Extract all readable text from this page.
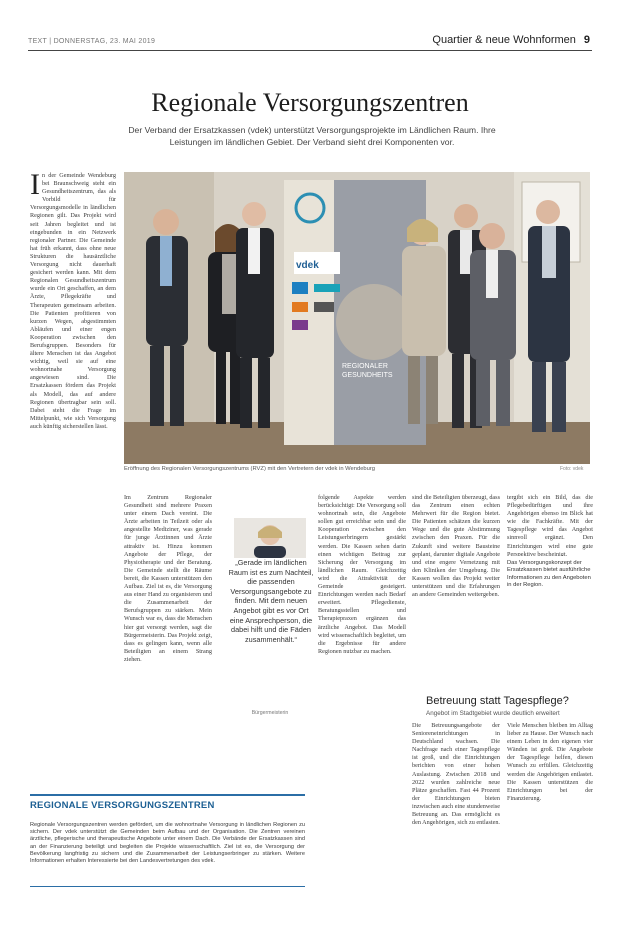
TEXT | DONNERSTAG, 23. MAI 2019	Quartier & neue Wohnformen 9
Regionale Versorgungszentren
Der Verband der Ersatzkassen (vdek) unterstützt Versorgungsprojekte im Ländlichen Raum. Ihre Leistungen im ländlichen Gebiet. Der Verband sieht drei Komponenten vor.
In der Gemeinde Wendeburg bei Braunschweig steht ein Gesundheitszentrum, das als Vorbild für Versorgungsmodelle in ländlichen Regionen gilt. Das Projekt wird seit Jahren begleitet und ist eingebunden in ein Netzwerk regionaler Partner. Die Gemeinde hat früh erkannt, dass ohne neue Strukturen die hausärztliche Versorgung nicht dauerhaft gesichert werden kann. Mit dem Regionalen Gesundheitszentrum wurde ein Ort geschaffen, an dem Ärzte, Pflegekräfte und Therapeuten gemeinsam arbeiten. Die Patienten profitieren von kurzen Wegen, abgestimmten Abläufen und einer engen Kooperation zwischen den Berufsgruppen. Besonders für ältere Menschen ist das Angebot wichtig, weil sie auf eine wohnortnahe Versorgung angewiesen sind. Die Ersatzkassen fördern das Projekt als Modell, das auf andere Regionen übertragbar sein soll. Dabei steht die Frage im Mittelpunkt, wie sich Versorgung auch künftig sicherstellen lässt.
vdek
REGIONALER
GESUNDHEITS
Eröffnung des Regionalen Versorgungszentrums (RVZ) mit den Vertretern der vdek in Wendeburg	Foto: vdek
Im Zentrum Regionaler Gesundheit sind mehrere Praxen unter einem Dach vereint. Die Ärzte arbeiten in Teilzeit oder als angestellte Mediziner, was gerade für junge Ärztinnen und Ärzte attraktiv ist. Hinzu kommen Angebote der Pflege, der Physiotherapie und der Beratung. Die Gemeinde stellt die Räume bereit, die Kassen unterstützen den Aufbau. Ziel ist es, die Versorgung aus einer Hand zu organisieren und die Zusammenarbeit der Berufsgruppen zu stärken. Mein Wunsch war es, dass die Menschen hier gut versorgt werden, sagt die Bürgermeisterin. Das Projekt zeigt, dass es gelingen kann, wenn alle Beteiligten an einem Strang ziehen.
„Gerade im ländlichen Raum ist es zum Nachteil, die passenden Versorgungsangebote zu finden. Mit dem neuen Angebot gibt es vor Ort eine Ansprechperson, die dabei hilft und die Fäden zusammenhält.“
Bürgermeisterin
folgende Aspekte werden berücksichtigt: Die Versorgung soll wohnortnah sein, die Angebote sollen gut erreichbar sein und die Kooperation zwischen den Leistungserbringern gestärkt werden. Die Kassen sehen darin einen wichtigen Beitrag zur Sicherung der Versorgung im ländlichen Raum. Gleichzeitig wird die Attraktivität der Gemeinde gesteigert. Einrichtungen werden nach Bedarf erweitert. Pflegedienste, Beratungsstellen und Therapiepraxen ergänzen das ärztliche Angebot. Das Modell wird wissenschaftlich begleitet, um die Ergebnisse für andere Regionen nutzbar zu machen.
sind die Beteiligten überzeugt, dass das Zentrum einen echten Mehrwert für die Region bietet. Die Patienten schätzen die kurzen Wege und die gute Abstimmung zwischen den Praxen. Für die Zukunft sind weitere Bausteine geplant, darunter digitale Angebote und eine engere Vernetzung mit den Kliniken der Umgebung. Die Kassen wollen das Projekt weiter unterstützen und die Erfahrungen an andere Gemeinden weitergeben.
tergibt sich ein Bild, das die Pflegebedürftigen und ihre Angehörigen ebenso im Blick hat wie die Fachkräfte. Mit der Tagespflege wird das Angebot sinnvoll ergänzt. Den Einrichtungen wird eine gute Perspektive bescheinigt.
Das Versorgungskonzept der Ersatzkassen bietet ausführliche Informationen zu den Angeboten in der Region.
Betreuung statt Tagespflege?
Angebot im Stadtgebiet wurde deutlich erweitert
Die Betreuungsangebote der Senioreneinrichtungen in Deutschland wachsen. Die Nachfrage nach einer Tagespflege ist groß, und die Einrichtungen berichten von einer hohen Auslastung. Zwischen 2018 und 2022 wurden zahlreiche neue Plätze geschaffen. Fast 44 Prozent der Einrichtungen bieten inzwischen auch eine stundenweise Betreuung an. Das ermöglicht es den Angehörigen, sich zu entlasten.
Viele Menschen bleiben im Alltag lieber zu Hause. Der Wunsch nach einem Leben in den eigenen vier Wänden ist groß. Die Angebote der Tagespflege helfen, diesen Wunsch zu erfüllen. Gleichzeitig werden die Angehörigen entlastet. Die Kassen unterstützen die Einrichtungen bei der Finanzierung.
REGIONALE VERSORGUNGSZENTREN
Regionale Versorgungszentren werden gefördert, um die wohnortnahe Versorgung in ländlichen Regionen zu sichern. Der vdek unterstützt die Gemeinden beim Aufbau und der Organisation. Die Zentren vereinen ärztliche, pflegerische und therapeutische Angebote unter einem Dach. Die Verbände der Ersatzkassen sind an der Finanzierung beteiligt und begleiten die Projekte wissenschaftlich. Ziel ist es, die Versorgung der Bevölkerung langfristig zu sichern und die Zusammenarbeit der Leistungserbringer zu stärken. Weitere Informationen erhalten Interessierte bei den Landesvertretungen des vdek.
